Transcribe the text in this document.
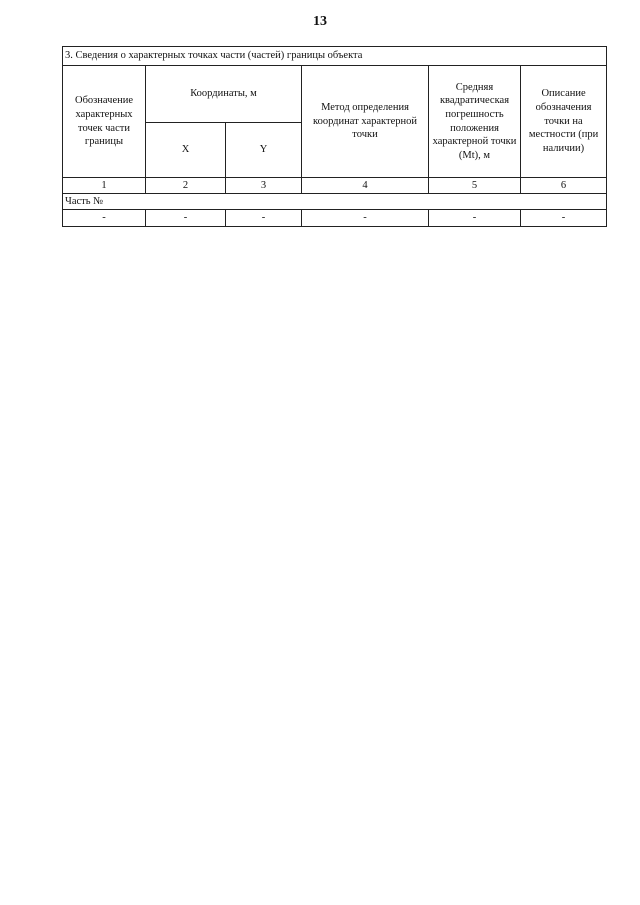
13
3. Сведения о характерных точках части (частей) границы объекта					
Обозначение характерных точек части границы	Координаты, м		Метод определения координат характерной точки	Средняя квадратическая погрешность положения характерной точки (Mt), м	Описание обозначения точки на местности (при наличии)
	X	Y			
1	2	3	4	5	6
Часть №					
-	-	-	-	-	-
